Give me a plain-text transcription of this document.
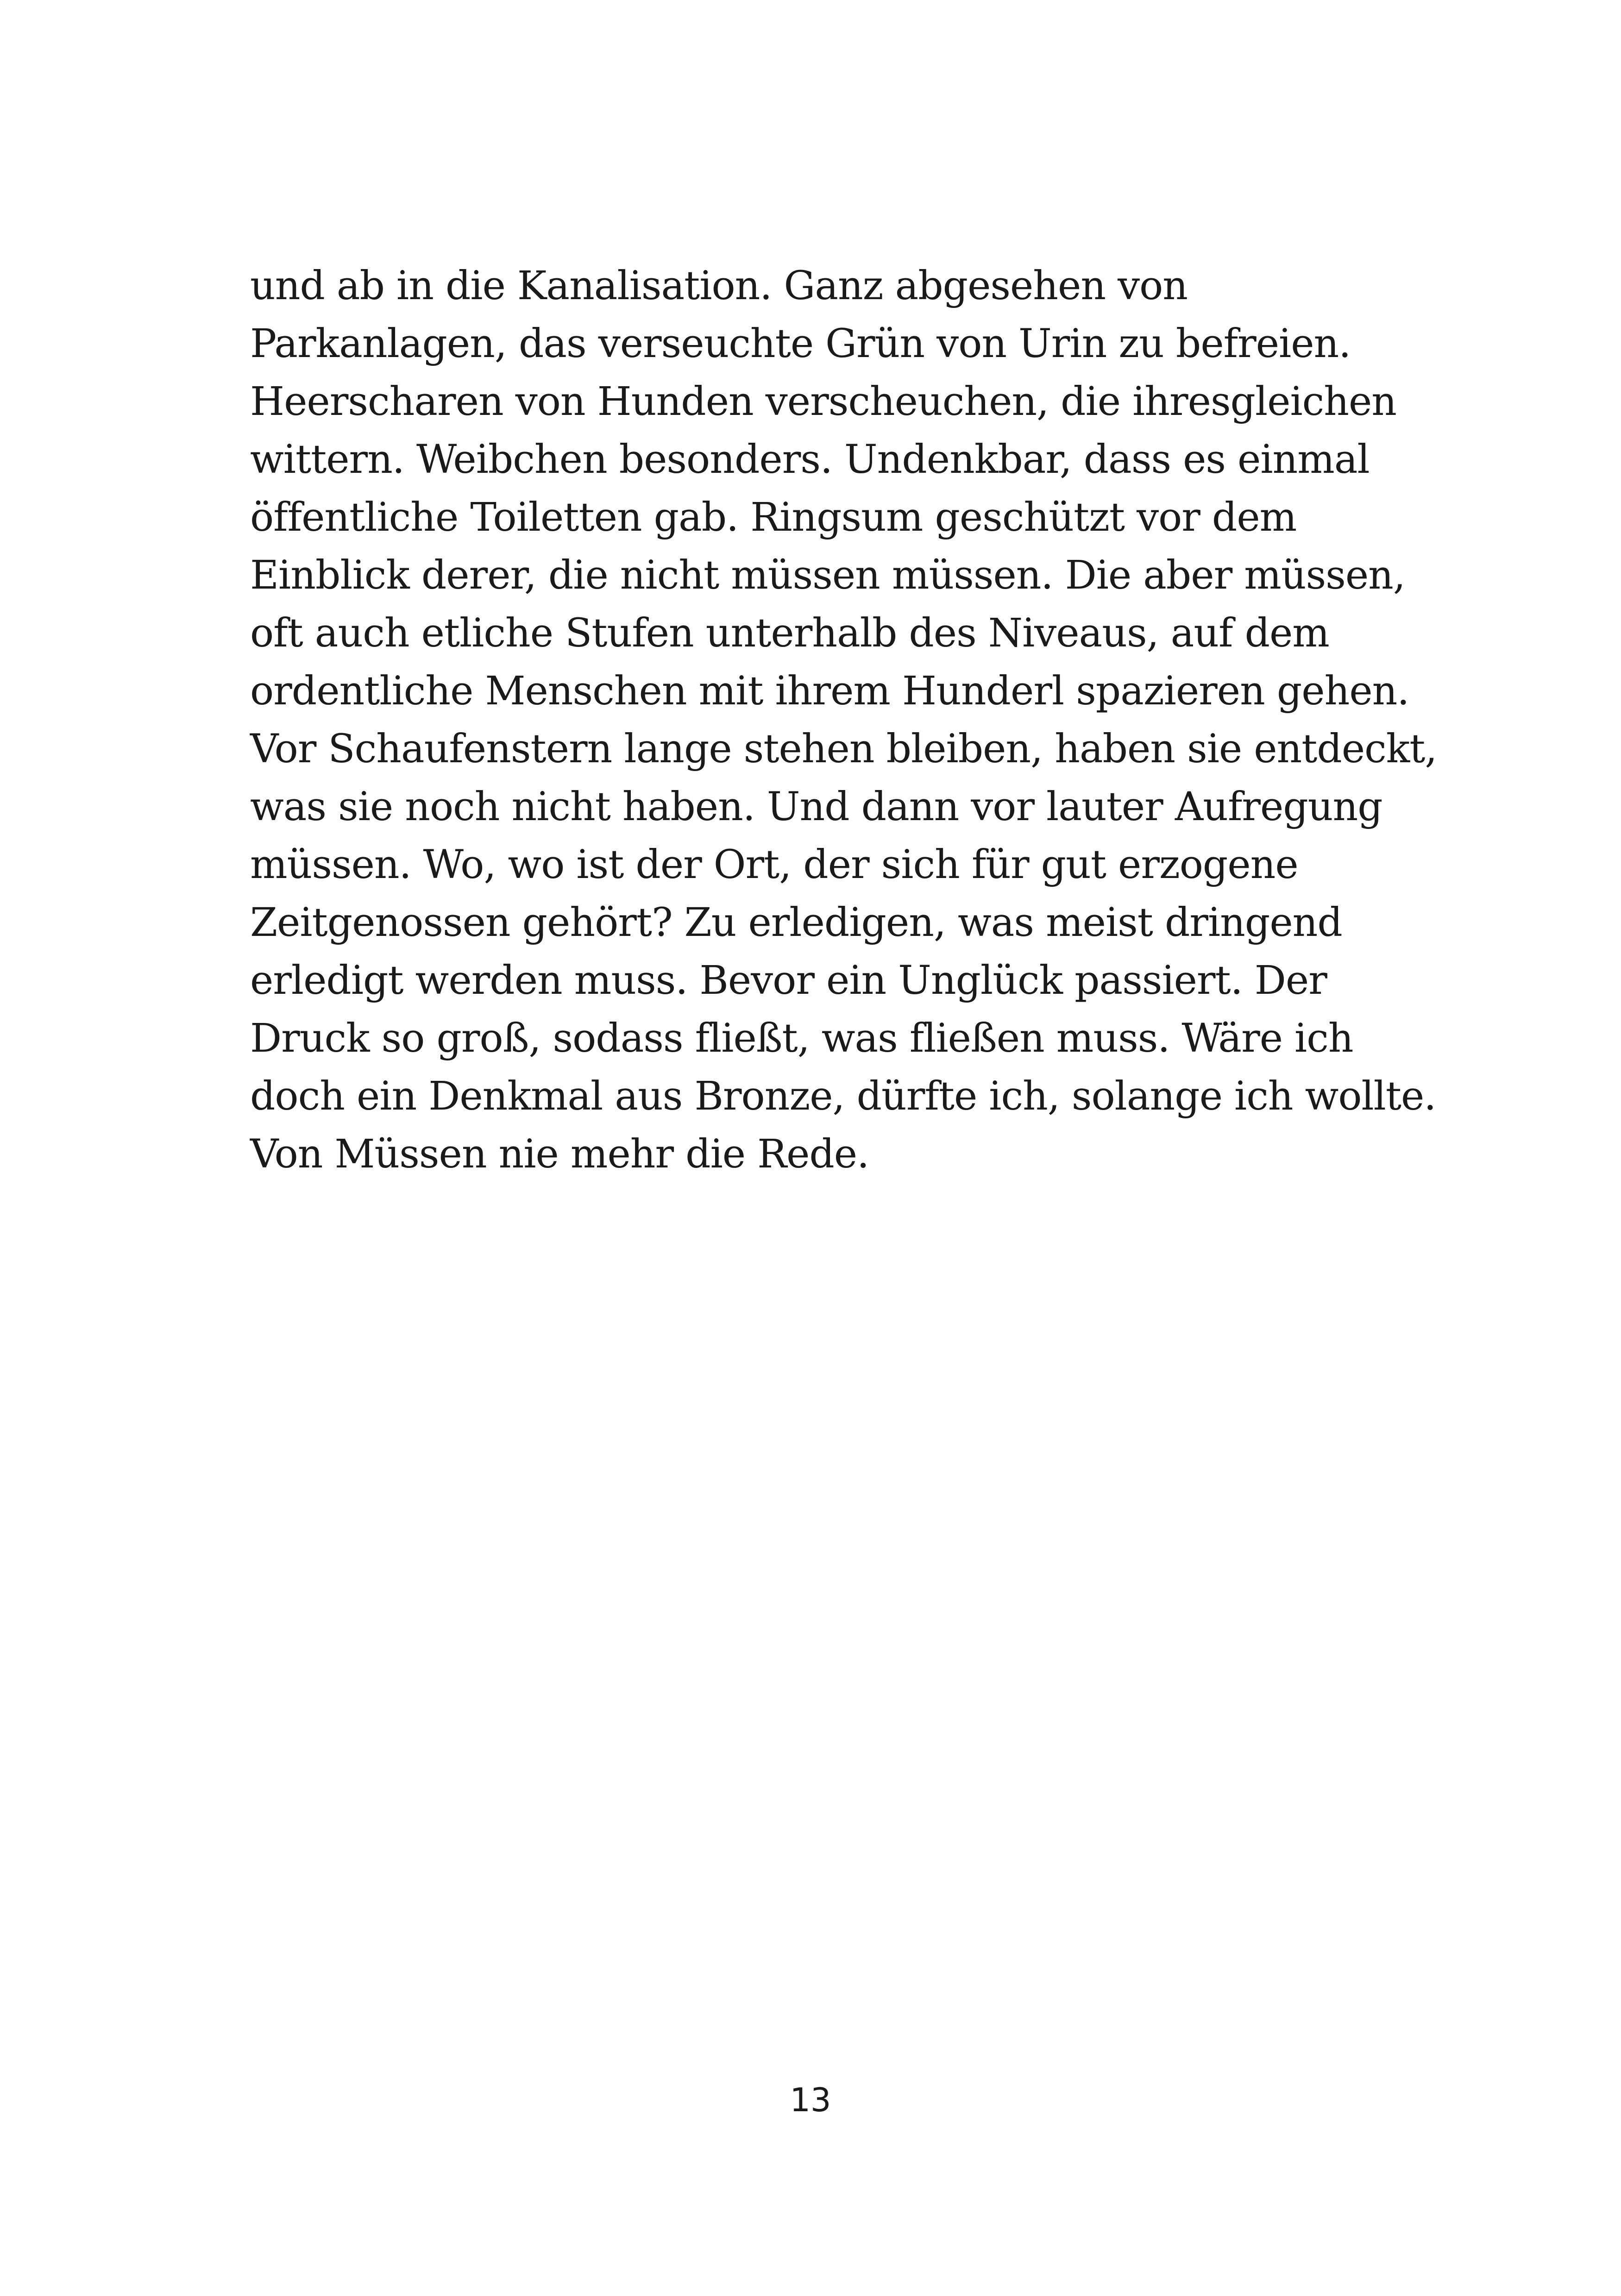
und ab in die Kanalisation. Ganz abgesehen von
Parkanlagen, das verseuchte Grün von Urin zu befreien.
Heerscharen von Hunden verscheuchen, die ihresgleichen
wittern. Weibchen besonders. Undenkbar, dass es einmal
öffentliche Toiletten gab. Ringsum geschützt vor dem
Einblick derer, die nicht müssen müssen. Die aber müssen,
oft auch etliche Stufen unterhalb des Niveaus, auf dem
ordentliche Menschen mit ihrem Hunderl spazieren gehen.
Vor Schaufenstern lange stehen bleiben, haben sie entdeckt,
was sie noch nicht haben. Und dann vor lauter Aufregung
müssen. Wo, wo ist der Ort, der sich für gut erzogene
Zeitgenossen gehört? Zu erledigen, was meist dringend
erledigt werden muss. Bevor ein Unglück passiert. Der
Druck so groß, sodass fließt, was fließen muss. Wäre ich
doch ein Denkmal aus Bronze, dürfte ich, solange ich wollte.
Von Müssen nie mehr die Rede.
13
